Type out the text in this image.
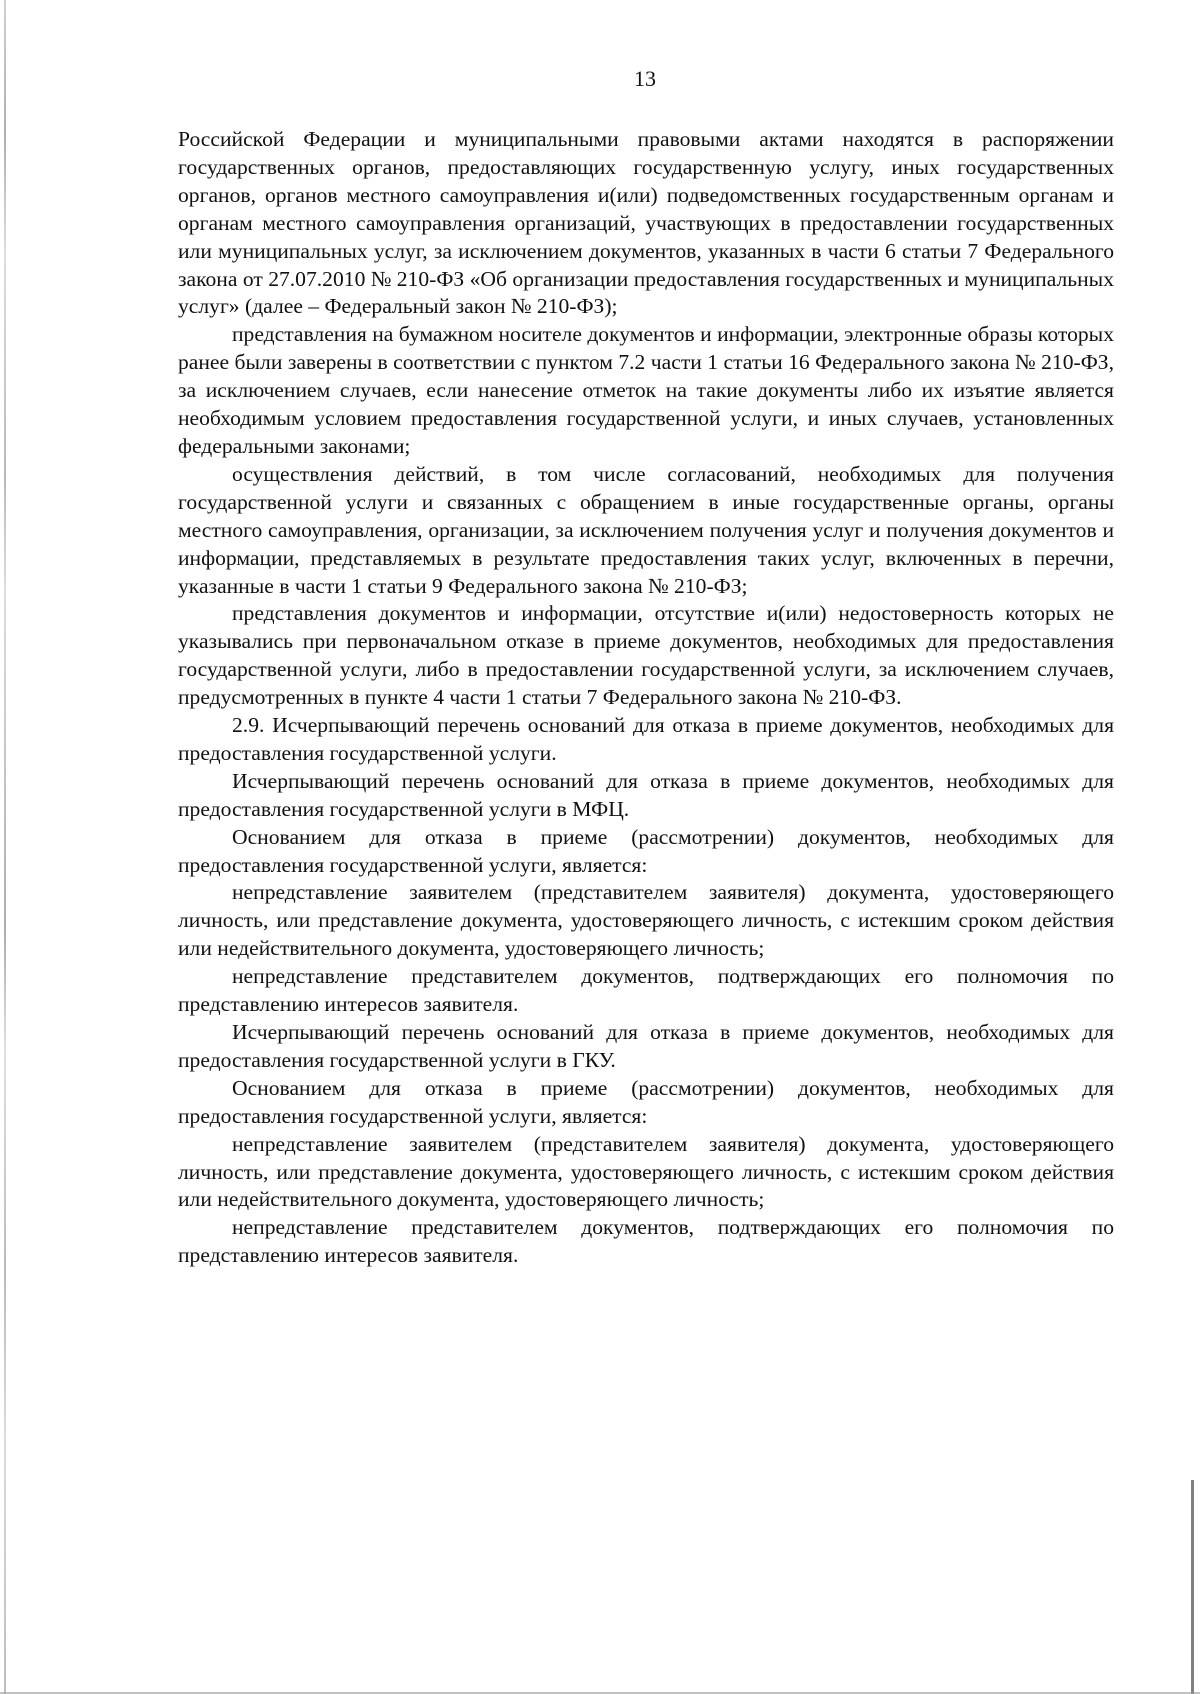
13

Российской Федерации и муниципальными правовыми актами находятся в распоряжении государственных органов, предоставляющих государственную услугу, иных государственных органов, органов местного самоуправления и(или) подведомственных государственным органам и органам местного самоуправления организаций, участвующих в предоставлении государственных или муниципальных услуг, за исключением документов, указанных в части 6 статьи 7 Федерального закона от 27.07.2010 № 210-ФЗ «Об организации предоставления государственных и муниципальных услуг» (далее – Федеральный закон № 210-ФЗ);

представления на бумажном носителе документов и информации, электронные образы которых ранее были заверены в соответствии с пунктом 7.2 части 1 статьи 16 Федерального закона № 210-ФЗ, за исключением случаев, если нанесение отметок на такие документы либо их изъятие является необходимым условием предоставления государственной услуги, и иных случаев, установленных федеральными законами;

осуществления действий, в том числе согласований, необходимых для получения государственной услуги и связанных с обращением в иные государственные органы, органы местного самоуправления, организации, за исключением получения услуг и получения документов и информации, представляемых в результате предоставления таких услуг, включенных в перечни, указанные в части 1 статьи 9 Федерального закона № 210-ФЗ;

представления документов и информации, отсутствие и(или) недостоверность которых не указывались при первоначальном отказе в приеме документов, необходимых для предоставления государственной услуги, либо в предоставлении государственной услуги, за исключением случаев, предусмотренных в пункте 4 части 1 статьи 7 Федерального закона № 210-ФЗ.

2.9. Исчерпывающий перечень оснований для отказа в приеме документов, необходимых для предоставления государственной услуги.

Исчерпывающий перечень оснований для отказа в приеме документов, необходимых для предоставления государственной услуги в МФЦ.

Основанием для отказа в приеме (рассмотрении) документов, необходимых для предоставления государственной услуги, является:

непредставление заявителем (представителем заявителя) документа, удостоверяющего личность, или представление документа, удостоверяющего личность, с истекшим сроком действия или недействительного документа, удостоверяющего личность;

непредставление представителем документов, подтверждающих его полномочия по представлению интересов заявителя.

Исчерпывающий перечень оснований для отказа в приеме документов, необходимых для предоставления государственной услуги в ГКУ.

Основанием для отказа в приеме (рассмотрении) документов, необходимых для предоставления государственной услуги, является:

непредставление заявителем (представителем заявителя) документа, удостоверяющего личность, или представление документа, удостоверяющего личность, с истекшим сроком действия или недействительного документа, удостоверяющего личность;

непредставление представителем документов, подтверждающих его полномочия по представлению интересов заявителя.
